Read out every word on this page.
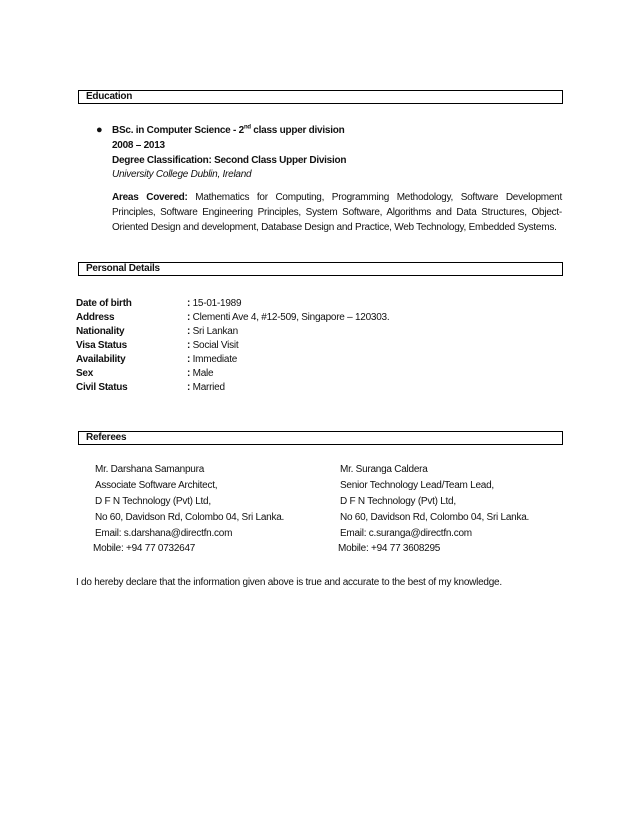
Education
● BSc. in Computer Science - 2nd class upper division
2008 – 2013
Degree Classification: Second Class Upper Division
University College Dublin, Ireland
Areas Covered: Mathematics for Computing, Programming Methodology, Software Development Principles, Software Engineering Principles, System Software, Algorithms and Data Structures, Object-Oriented Design and development, Database Design and Practice, Web Technology, Embedded Systems.
Personal Details
Date of birth	: 15-01-1989
Address	: Clementi Ave 4, #12-509, Singapore – 120303.
Nationality	: Sri Lankan
Visa Status	: Social Visit
Availability	: Immediate
Sex	: Male
Civil Status	: Married
Referees
Mr. Darshana Samanpura
Associate Software Architect,
D F N Technology (Pvt) Ltd,
No 60, Davidson Rd, Colombo 04, Sri Lanka.
Email: s.darshana@directfn.com
Mobile: +94 77 0732647
Mr. Suranga Caldera
Senior Technology Lead/Team Lead,
D F N Technology (Pvt) Ltd,
No 60, Davidson Rd, Colombo 04, Sri Lanka.
Email: c.suranga@directfn.com
Mobile: +94 77 3608295
I do hereby declare that the information given above is true and accurate to the best of my knowledge.
